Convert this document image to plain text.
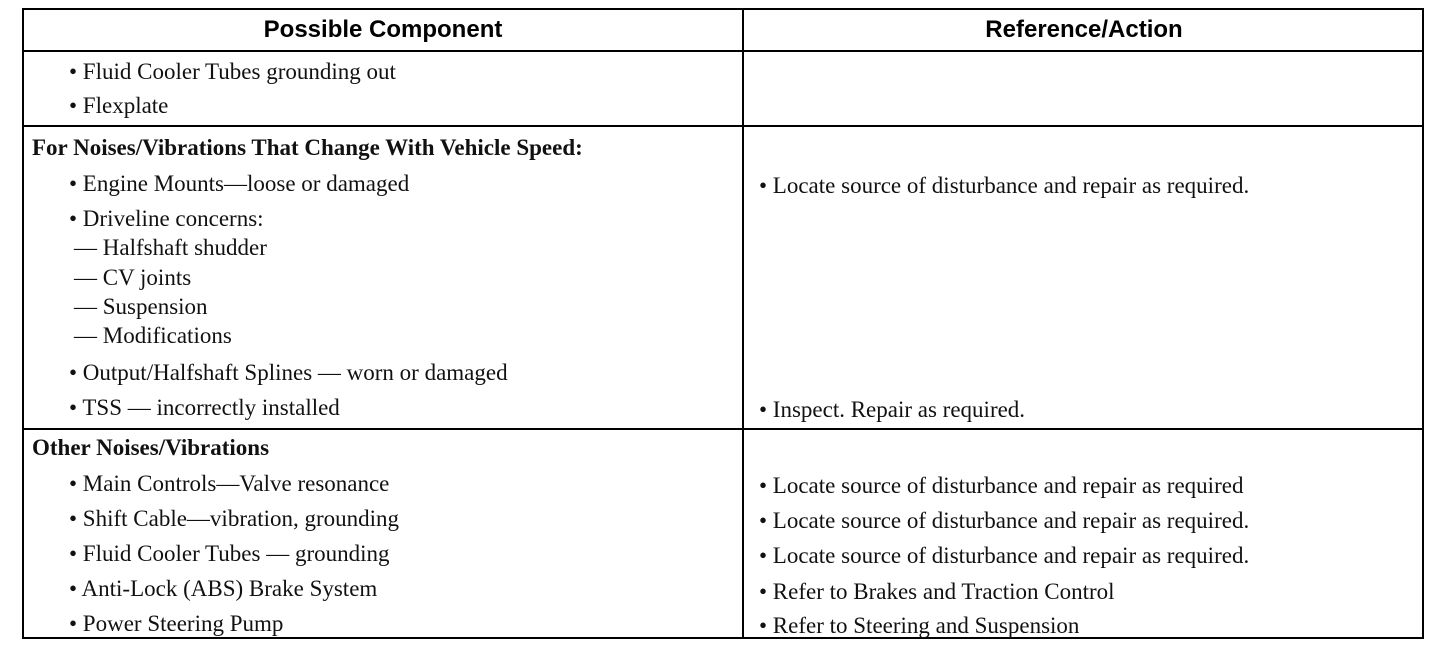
Possible Component	Reference/Action
• Fluid Cooler Tubes grounding out
• Flexplate
For Noises/Vibrations That Change With Vehicle Speed:
• Engine Mounts—loose or damaged
• Driveline concerns:
— Halfshaft shudder
— CV joints
— Suspension
— Modifications
• Output/Halfshaft Splines — worn or damaged
• TSS — incorrectly installed
• Locate source of disturbance and repair as required.
• Inspect. Repair as required.
Other Noises/Vibrations
• Main Controls—Valve resonance
• Shift Cable—vibration, grounding
• Fluid Cooler Tubes — grounding
• Anti-Lock (ABS) Brake System
• Power Steering Pump
• Locate source of disturbance and repair as required
• Locate source of disturbance and repair as required.
• Locate source of disturbance and repair as required.
• Refer to Brakes and Traction Control
• Refer to Steering and Suspension
